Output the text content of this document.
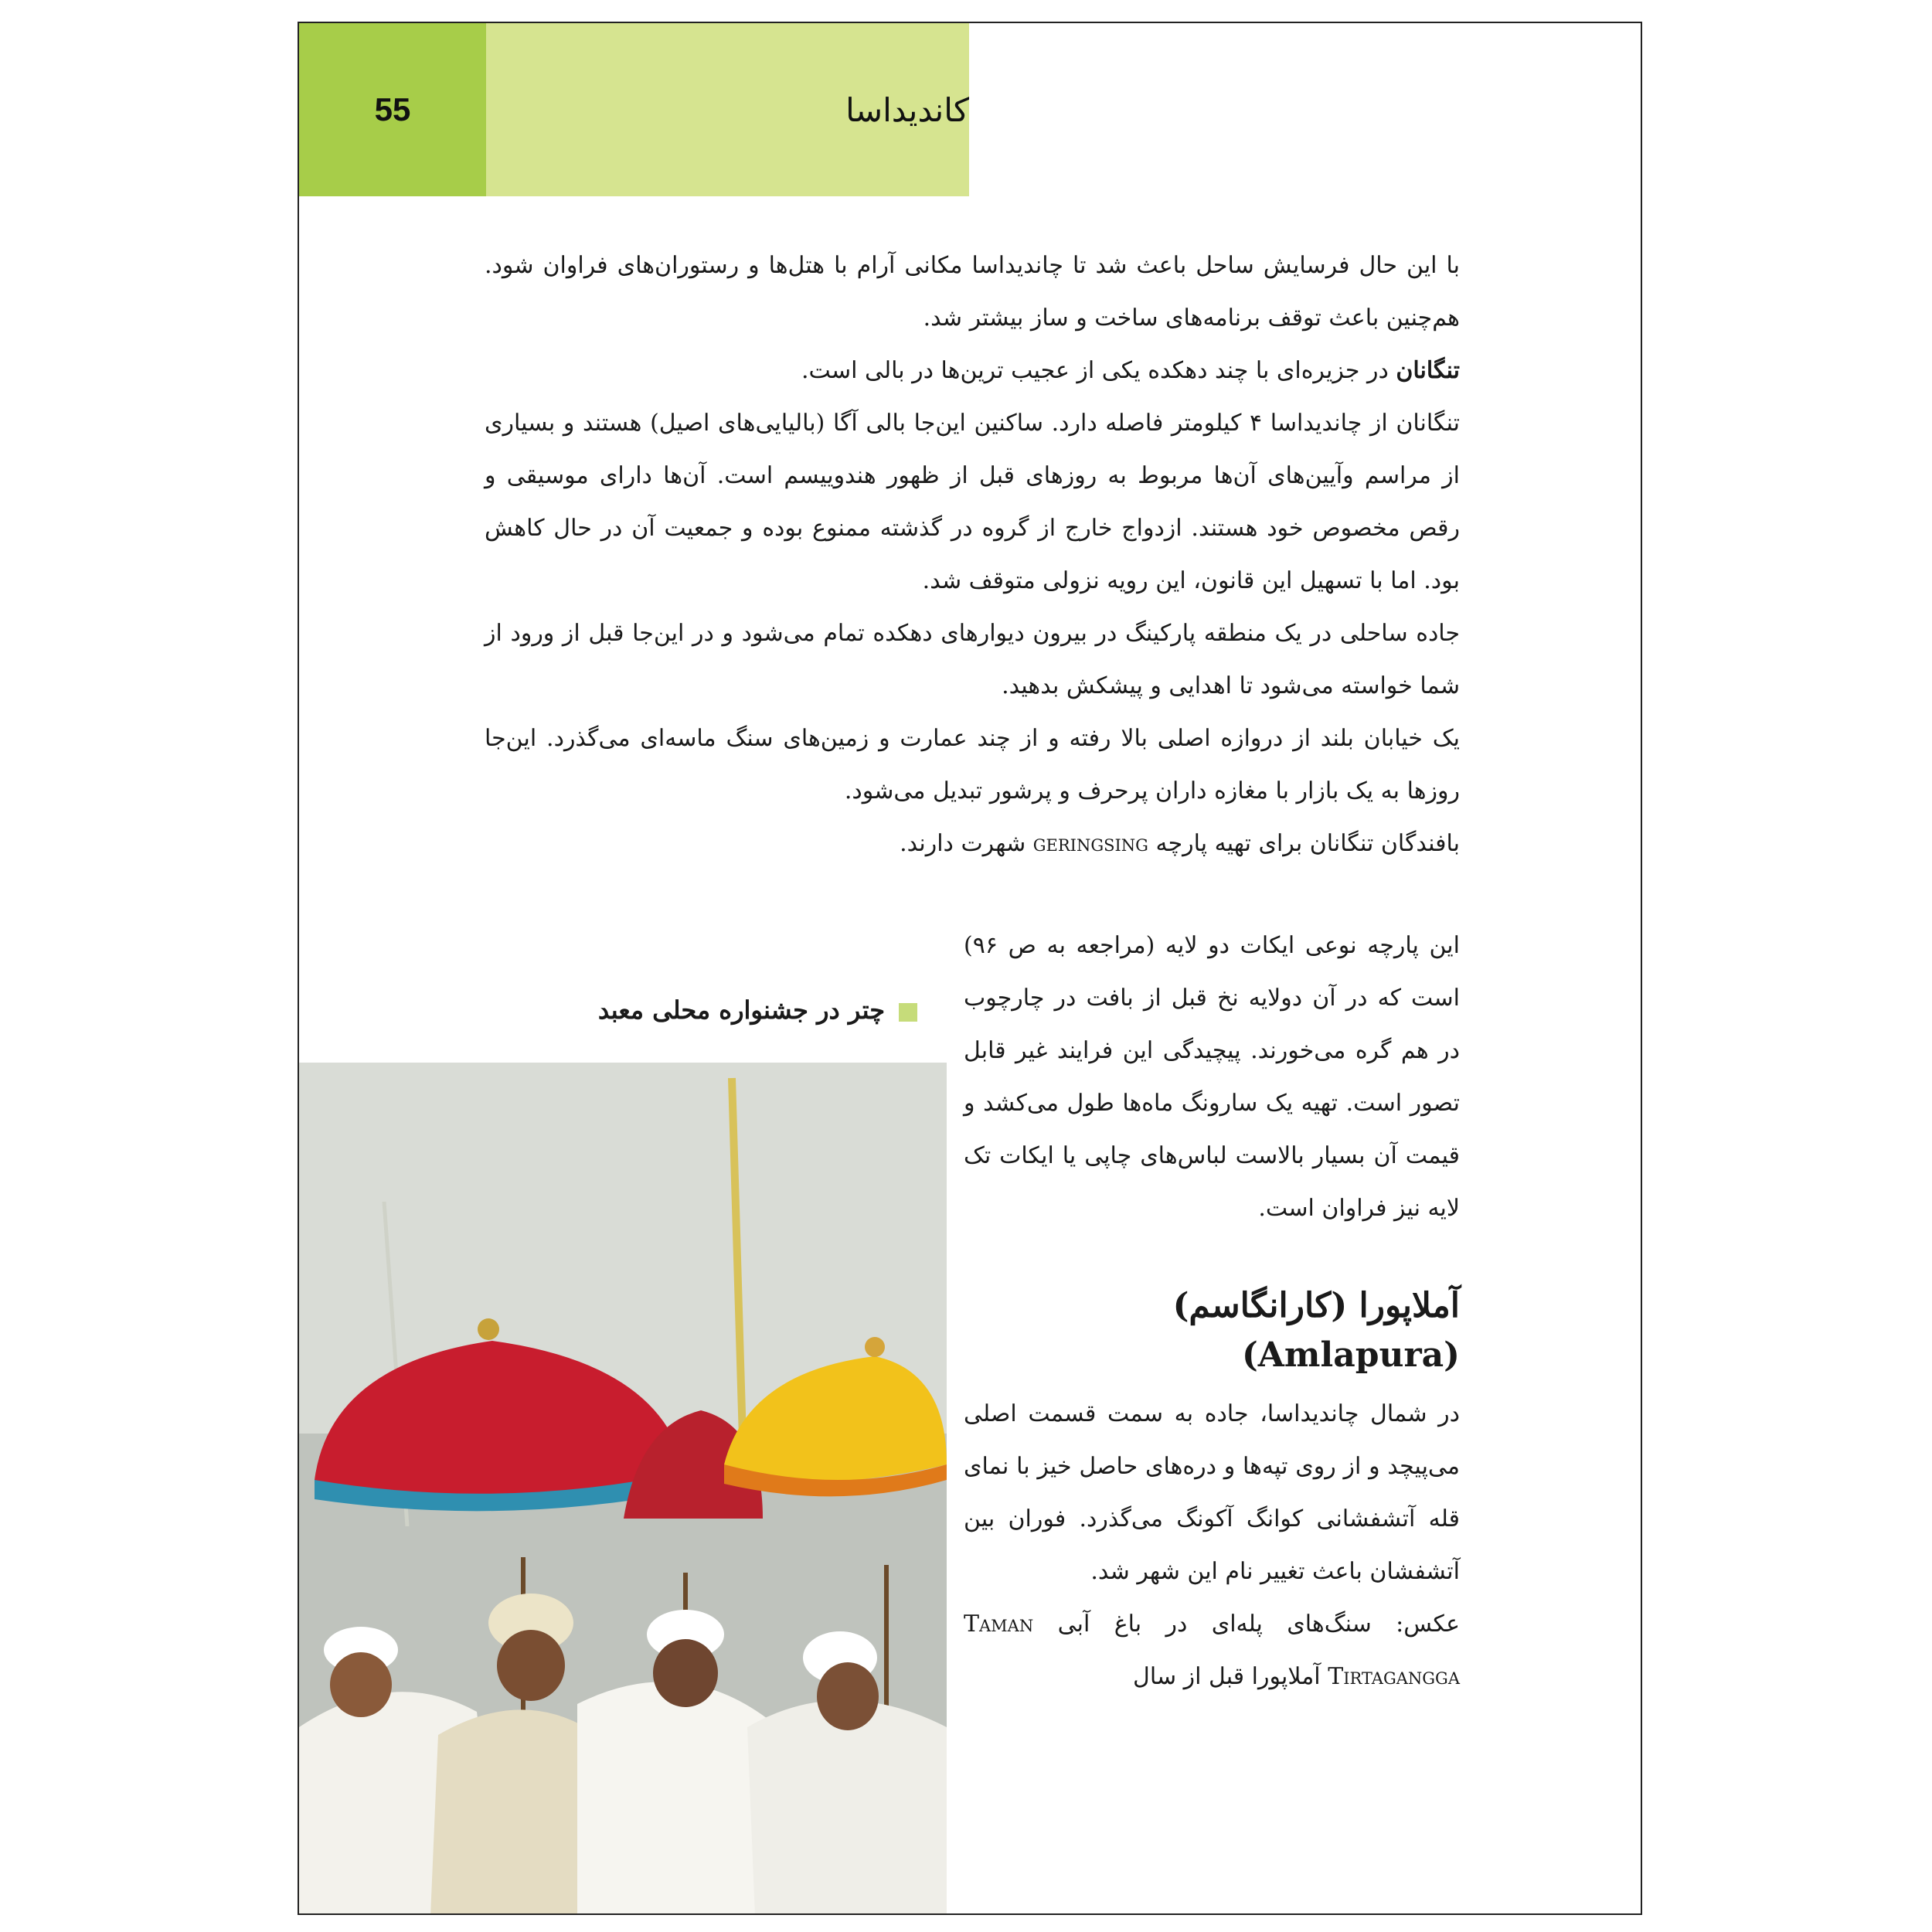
55	کاندیداسا

با این حال فرسایش ساحل باعث شد تا چاندیداسا مکانی آرام با هتل‌ها و رستوران‌های فراوان شود. هم‌چنین باعث توقف برنامه‌های ساخت و ساز بیشتر شد.

تنگانان در جزیره‌ای با چند دهکده یکی از عجیب ترین‌ها در بالی است.

تنگانان از چاندیداسا ۴ کیلومتر فاصله دارد. ساکنین این‌جا بالی آگا (بالیایی‌های اصیل) هستند و بسیاری از مراسم وآیین‌های آن‌ها مربوط به روزهای قبل از ظهور هندوییسم است. آن‌ها دارای موسیقی و رقص مخصوص خود هستند. ازدواج خارج از گروه در گذشته ممنوع بوده و جمعیت آن در حال کاهش بود. اما با تسهیل این قانون، این رویه نزولی متوقف شد.

جاده ساحلی در یک منطقه پارکینگ در بیرون دیوارهای دهکده تمام می‌شود و در این‌جا قبل از ورود از شما خواسته می‌شود تا اهدایی و پیشکش بدهید.

یک خیابان بلند از دروازه اصلی بالا رفته و از چند عمارت و زمین‌های سنگ ماسه‌ای می‌گذرد. این‌جا روزها به یک بازار با مغازه داران پرحرف و پرشور تبدیل می‌شود.

بافندگان تنگانان برای تهیه پارچه geringsing شهرت دارند.

چتر در جشنواره محلی معبد

این پارچه نوعی ایکات دو لایه (مراجعه به ص ۹۶) است که در آن دولایه نخ قبل از بافت در چارچوب در هم گره می‌خورند. پیچیدگی این فرایند غیر قابل تصور است. تهیه یک سارونگ ماه‌ها طول می‌کشد و قیمت آن بسیار بالاست لباس‌های چاپی یا ایکات تک لایه نیز فراوان است.

آملاپورا (کارانگاسم) (Amlapura)

در شمال چاندیداسا، جاده به سمت قسمت اصلی می‌پیچد و از روی تپه‌ها و دره‌های حاصل خیز با نمای قله آتشفشانی کوانگ آکونگ می‌گذرد. فوران بین آتشفشان باعث تغییر نام این شهر شد.

عکس: سنگ‌های پله‌ای در باغ آبی Taman Tirtagangga آملاپورا قبل از سال
